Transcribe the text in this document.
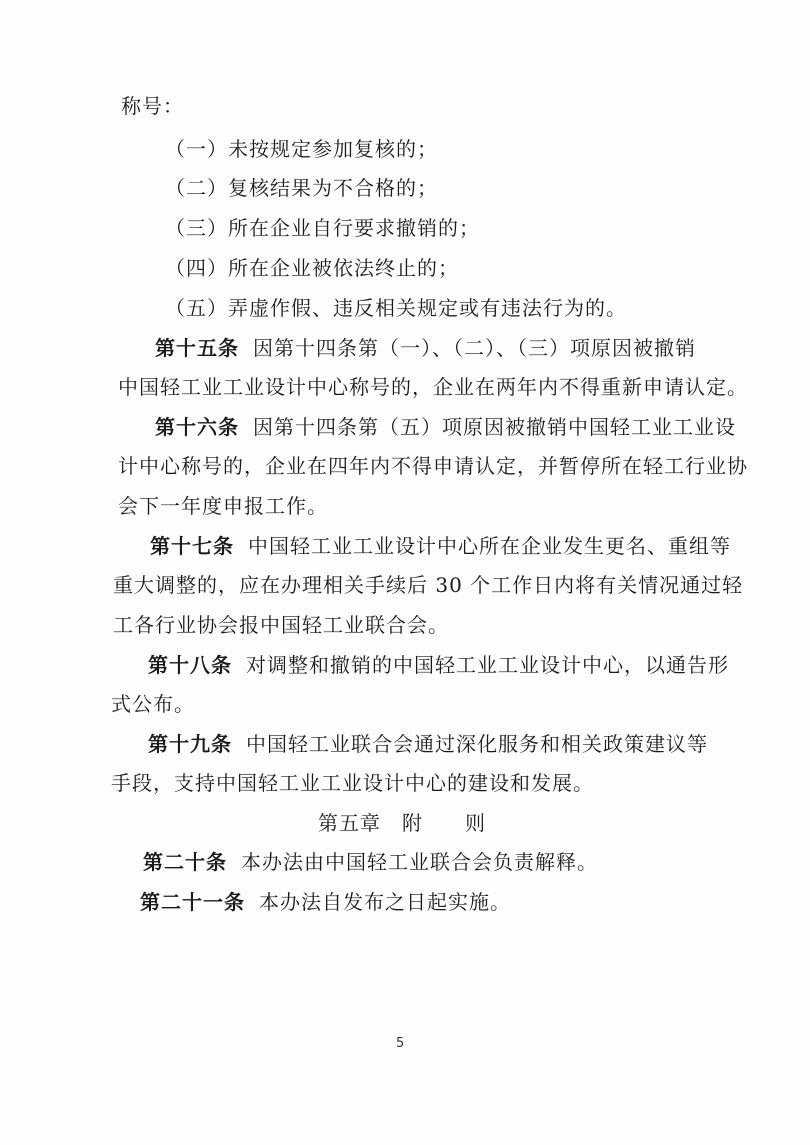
称号：
（一）未按规定参加复核的；
（二）复核结果为不合格的；
（三）所在企业自行要求撤销的；
（四）所在企业被依法终止的；
（五）弄虚作假、违反相关规定或有违法行为的。
第十五条 因第十四条第（一）、（二）、（三）项原因被撤销
中国轻工业工业设计中心称号的，企业在两年内不得重新申请认定。
第十六条 因第十四条第（五）项原因被撤销中国轻工业工业设
计中心称号的，企业在四年内不得申请认定，并暂停所在轻工行业协
会下一年度申报工作。
第十七条 中国轻工业工业设计中心所在企业发生更名、重组等
重大调整的，应在办理相关手续后 30 个工作日内将有关情况通过轻
工各行业协会报中国轻工业联合会。
第十八条 对调整和撤销的中国轻工业工业设计中心，以通告形
式公布。
第十九条 中国轻工业联合会通过深化服务和相关政策建议等
手段，支持中国轻工业工业设计中心的建设和发展。
第五章　附　　则
第二十条 本办法由中国轻工业联合会负责解释。
第二十一条 本办法自发布之日起实施。
5
